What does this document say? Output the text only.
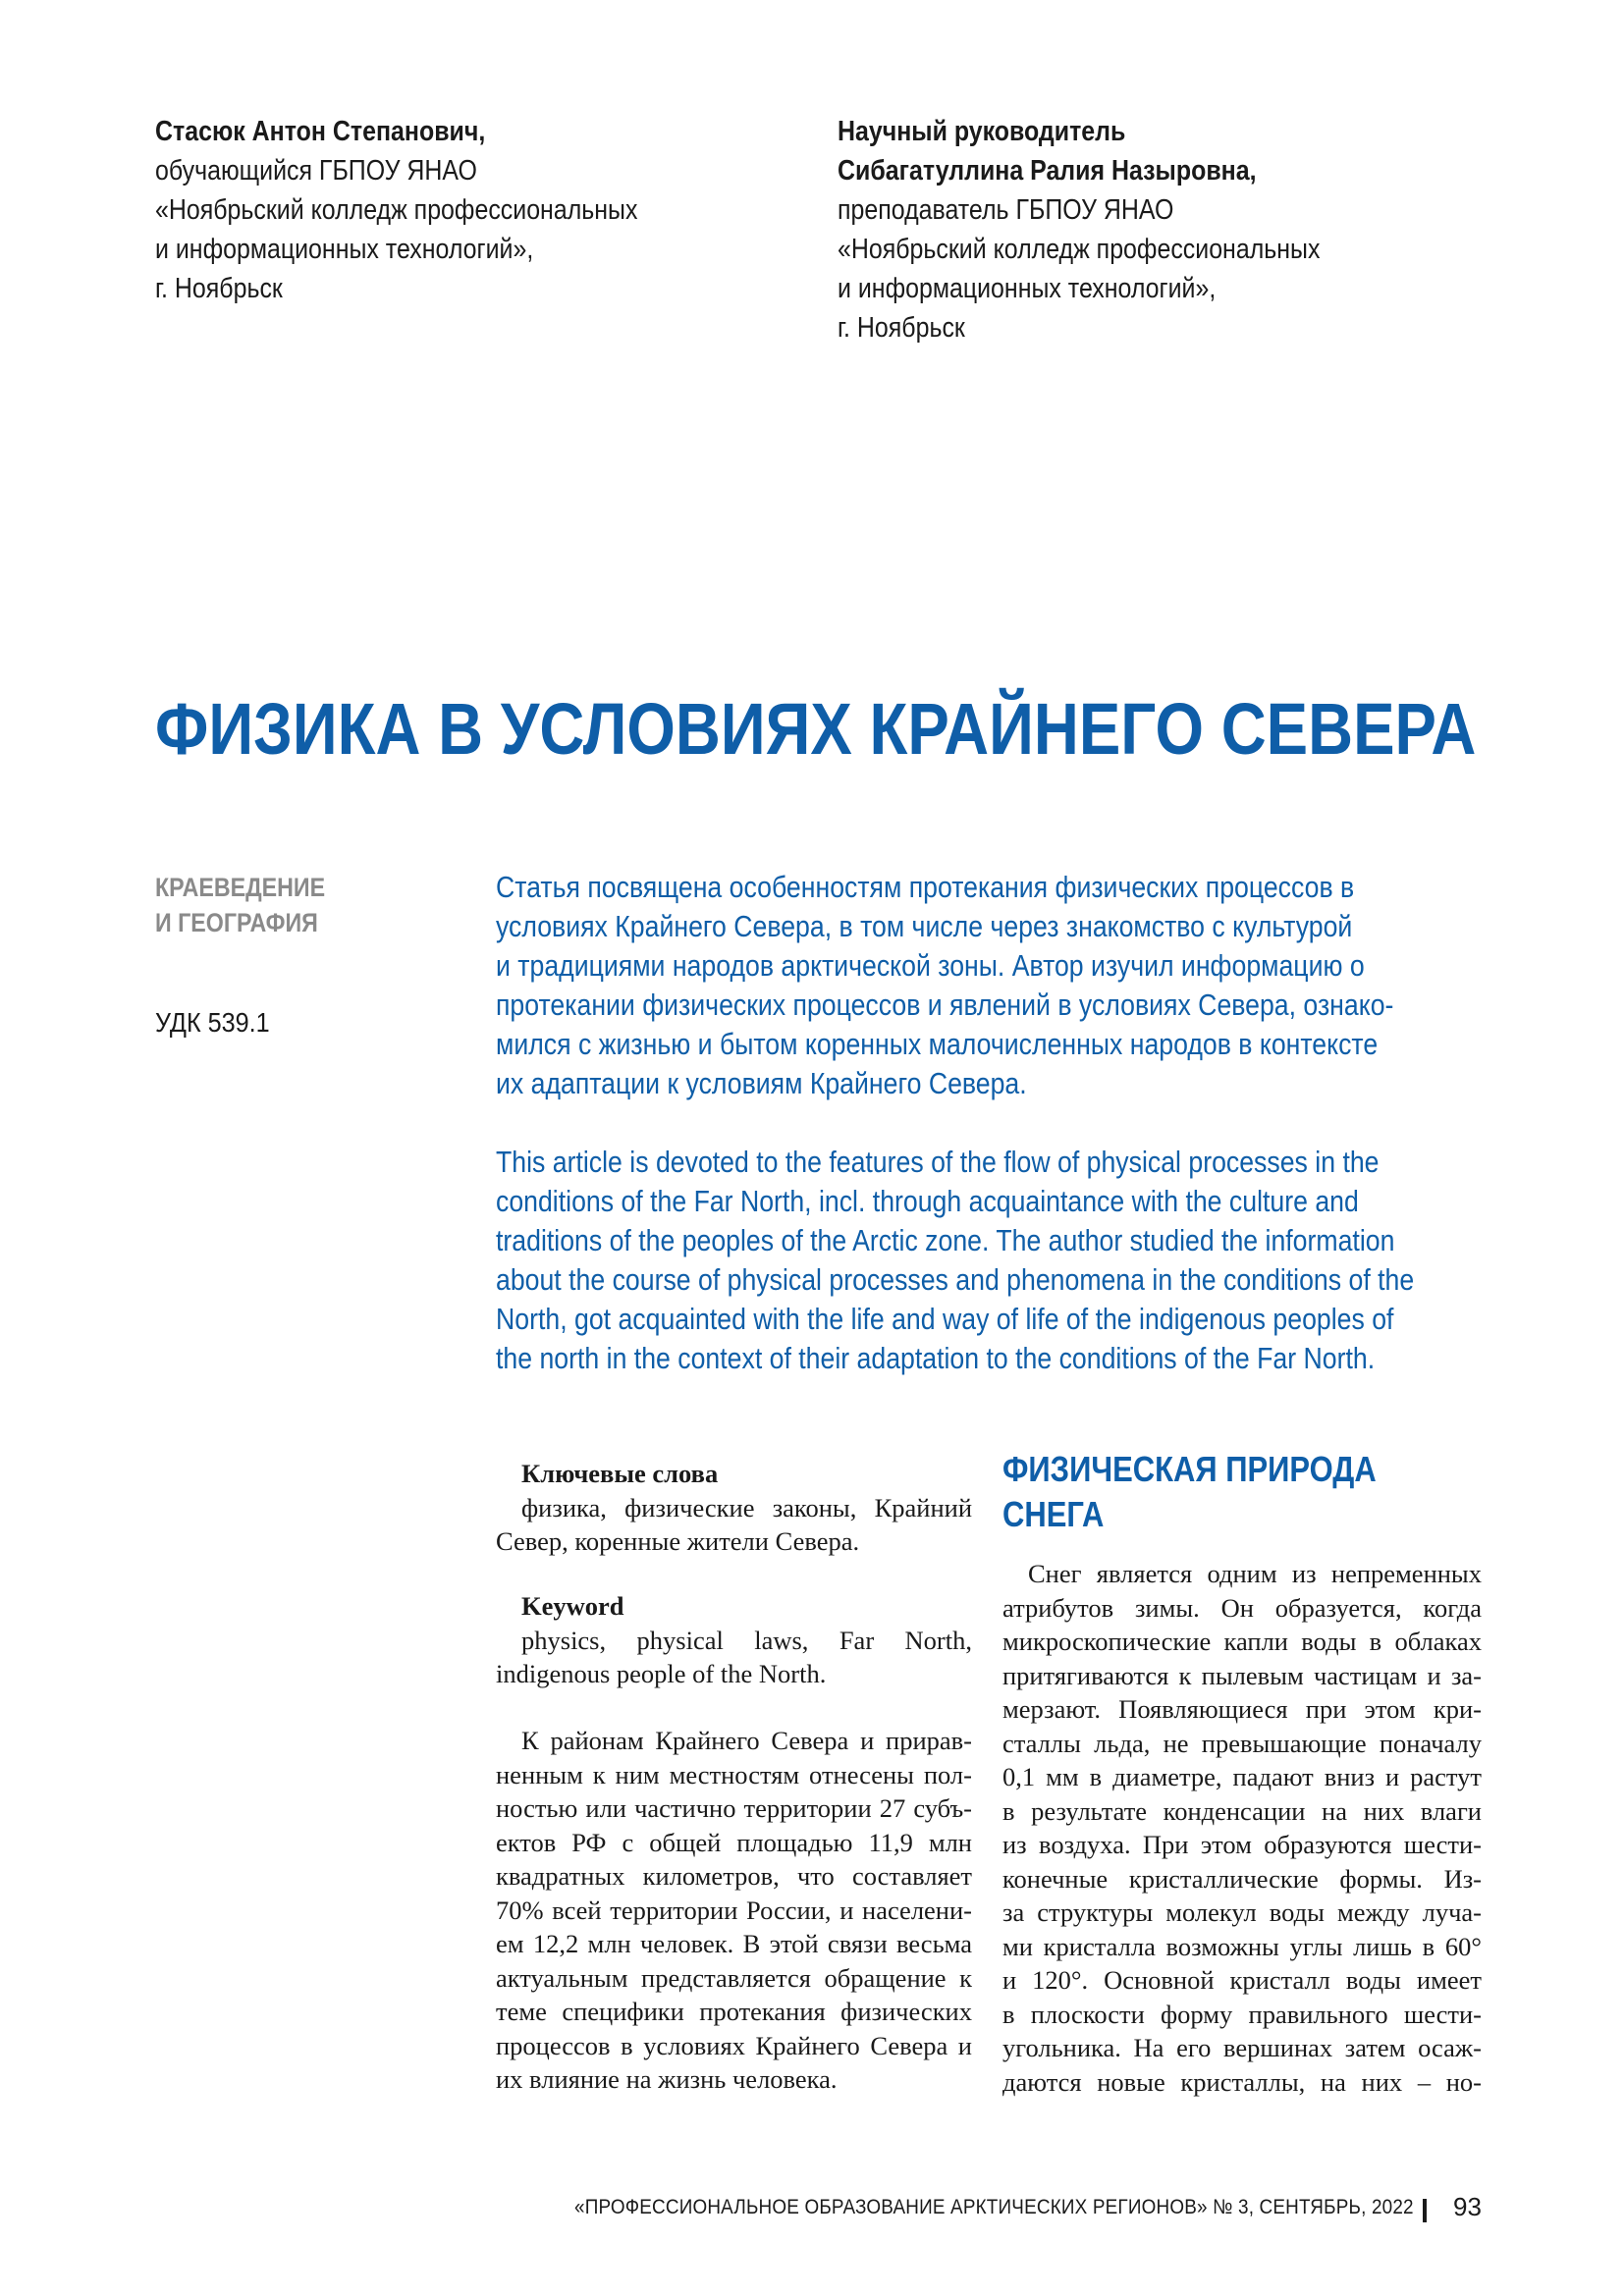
Стасюк Антон Степанович,
обучающийся ГБПОУ ЯНАО
«Ноябрьский колледж профессиональных
и информационных технологий»,
г. Ноябрьск
Научный руководитель
Сибагатуллина Ралия Назыровна,
преподаватель ГБПОУ ЯНАО
«Ноябрьский колледж профессиональных
и информационных технологий»,
г. Ноябрьск
ФИЗИКА В УСЛОВИЯХ КРАЙНЕГО СЕВЕРА
КРАЕВЕДЕНИЕ
И ГЕОГРАФИЯ
УДК 539.1
Статья посвящена особенностям протекания физических процессов в
условиях Крайнего Севера, в том числе через знакомство с культурой
и традициями народов арктической зоны. Автор изучил информацию о
протекании физических процессов и явлений в условиях Севера, ознако-
мился с жизнью и бытом коренных малочисленных народов в контексте
их адаптации к условиям Крайнего Севера.
This article is devoted to the features of the flow of physical processes in the
conditions of the Far North, incl. through acquaintance with the culture and
traditions of the peoples of the Arctic zone. The author studied the information
about the course of physical processes and phenomena in the conditions of the
North, got acquainted with the life and way of life of the indigenous peoples of
the north in the context of their adaptation to the conditions of the Far North.
Ключевые слова
физика, физические законы, Крайний
Север, коренные жители Севера.
Keyword
physics, physical laws, Far North,
indigenous people of the North.
К районам Крайнего Севера и прирав-
ненным к ним местностям отнесены пол-
ностью или частично территории 27 субъ-
ектов РФ с общей площадью 11,9 млн
квадратных километров, что составляет
70% всей территории России, и населени-
ем 12,2 млн человек. В этой связи весьма
актуальным представляется обращение к
теме специфики протекания физических
процессов в условиях Крайнего Севера и
их влияние на жизнь человека.
ФИЗИЧЕСКАЯ ПРИРОДА
СНЕГА
Снег является одним из непременных
атрибутов зимы. Он образуется, когда
микроскопические капли воды в облаках
притягиваются к пылевым частицам и за-
мерзают. Появляющиеся при этом кри-
сталлы льда, не превышающие поначалу
0,1 мм в диаметре, падают вниз и растут
в результате конденсации на них влаги
из воздуха. При этом образуются шести-
конечные кристаллические формы. Из-
за структуры молекул воды между луча-
ми кристалла возможны углы лишь в 60°
и 120°. Основной кристалл воды имеет
в плоскости форму правильного шести-
угольника. На его вершинах затем осаж-
даются новые кристаллы, на них – но-
«ПРОФЕССИОНАЛЬНОЕ ОБРАЗОВАНИЕ АРКТИЧЕСКИХ РЕГИОНОВ» № 3, СЕНТЯБРЬ, 2022 93
